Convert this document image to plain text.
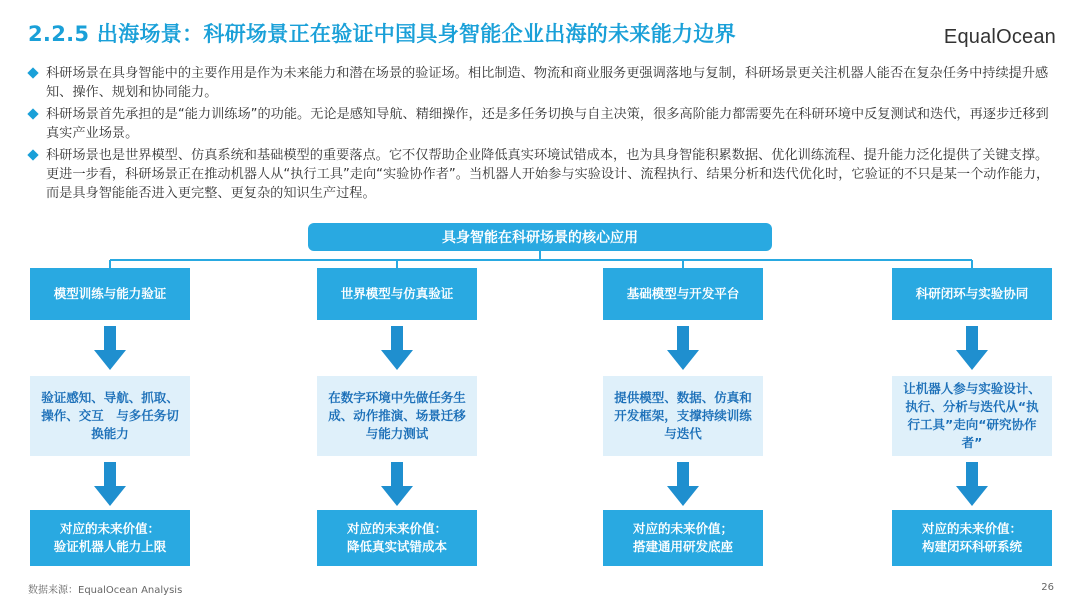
2.2.5 出海场景：科研场景正在验证中国具身智能企业出海的未来能力边界	EqualOcean
科研场景在具身智能中的主要作用是作为未来能力和潜在场景的验证场。相比制造、物流和商业服务更强调落地与复制，科研场景更关注机器人能否在复杂任务中持续提升感知、操作、规划和协同能力。
科研场景首先承担的是“能力训练场”的功能。无论是感知导航、精细操作，还是多任务切换与自主决策，很多高阶能力都需要先在科研环境中反复测试和迭代，再逐步迁移到真实产业场景。
科研场景也是世界模型、仿真系统和基础模型的重要落点。它不仅帮助企业降低真实环境试错成本，也为具身智能积累数据、优化训练流程、提升能力泛化提供了关键支撑。更进一步看，科研场景正在推动机器人从“执行工具”走向“实验协作者”。当机器人开始参与实验设计、流程执行、结果分析和迭代优化时，它验证的不只是某一个动作能力，而是具身智能能否进入更完整、更复杂的知识生产过程。
具身智能在科研场景的核心应用
模型训练与能力验证
验证感知、导航、抓取、操作、交互　与多任务切换能力
对应的未来价值：
验证机器人能力上限
世界模型与仿真验证
在数字环境中先做任务生成、动作推演、场景迁移与能力测试
对应的未来价值：
降低真实试错成本
基础模型与开发平台
提供模型、数据、仿真和开发框架，支撑持续训练与迭代
对应的未来价值；
搭建通用研发底座
科研闭环与实验协同
让机器人参与实验设计、执行、分析与迭代从“执行工具”走向“研究协作者”
对应的未来价值：
构建闭环科研系统
数据来源：EqualOcean Analysis	26
